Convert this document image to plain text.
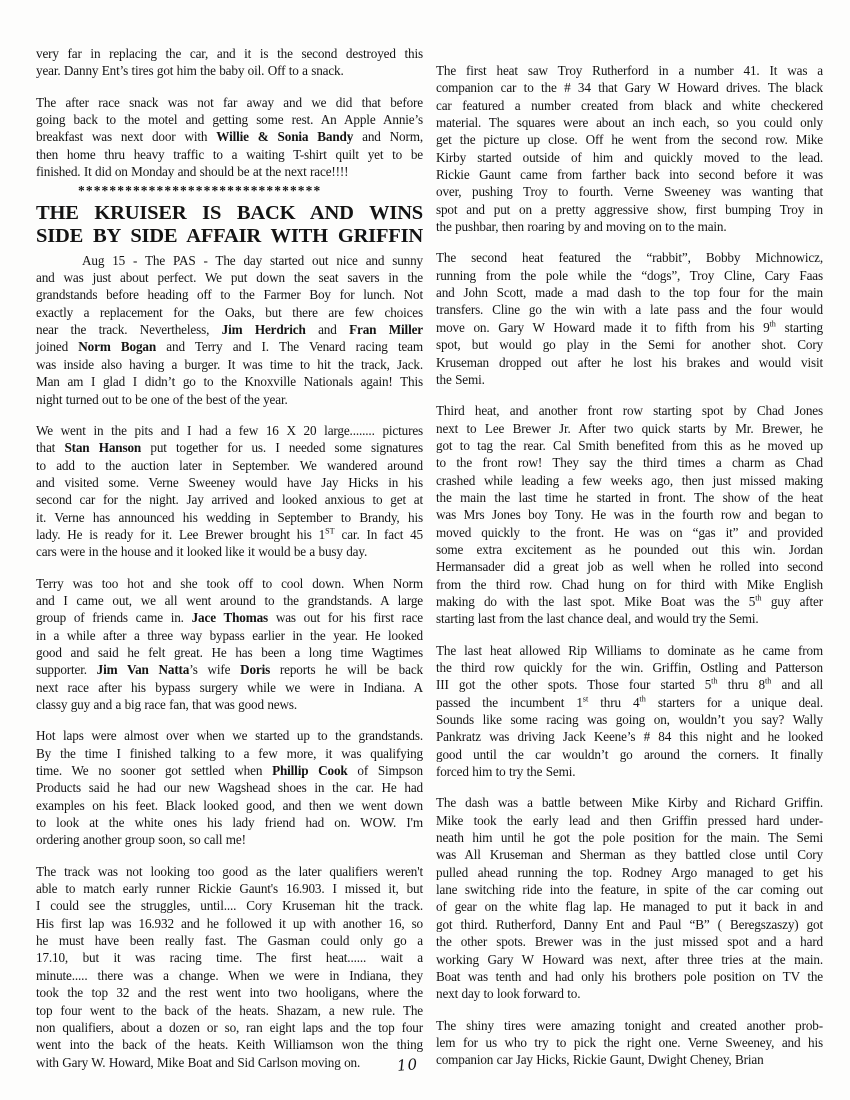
very far in replacing the car, and it is the second destroyed this
year. Danny Ent’s tires got him the baby oil. Off to a snack.
The after race snack was not far away and we did that before
going back to the motel and getting some rest. An Apple Annie’s
breakfast was next door with Willie & Sonia Bandy and Norm,
then home thru heavy traffic to a waiting T-shirt quilt yet to be
finished. It did on Monday and should be at the next race!!!!
*******************************
THE KRUISER IS BACK AND WINS
SIDE BY SIDE AFFAIR WITH GRIFFIN
Aug 15 - The PAS - The day started out nice and sunny
and was just about perfect. We put down the seat savers in the
grandstands before heading off to the Farmer Boy for lunch. Not
exactly a replacement for the Oaks, but there are few choices
near the track. Nevertheless, Jim Herdrich and Fran Miller
joined Norm Bogan and Terry and I. The Venard racing team
was inside also having a burger. It was time to hit the track, Jack.
Man am I glad I didn’t go to the Knoxville Nationals again! This
night turned out to be one of the best of the year.
We went in the pits and I had a few 16 X 20 large........ pictures
that Stan Hanson put together for us. I needed some signatures
to add to the auction later in September. We wandered around
and visited some. Verne Sweeney would have Jay Hicks in his
second car for the night. Jay arrived and looked anxious to get at
it. Verne has announced his wedding in September to Brandy, his
lady. He is ready for it. Lee Brewer brought his 1ST car. In fact 45
cars were in the house and it looked like it would be a busy day.
Terry was too hot and she took off to cool down. When Norm
and I came out, we all went around to the grandstands. A large
group of friends came in. Jace Thomas was out for his first race
in a while after a three way bypass earlier in the year. He looked
good and said he felt great. He has been a long time Wagtimes
supporter. Jim Van Natta’s wife Doris reports he will be back
next race after his bypass surgery while we were in Indiana. A
classy guy and a big race fan, that was good news.
Hot laps were almost over when we started up to the grandstands.
By the time I finished talking to a few more, it was qualifying
time. We no sooner got settled when Phillip Cook of Simpson
Products said he had our new Wagshead shoes in the car. He had
examples on his feet. Black looked good, and then we went down
to look at the white ones his lady friend had on. WOW. I'm
ordering another group soon, so call me!
The track was not looking too good as the later qualifiers weren't
able to match early runner Rickie Gaunt's 16.903. I missed it, but
I could see the struggles, until.... Cory Kruseman hit the track.
His first lap was 16.932 and he followed it up with another 16, so
he must have been really fast. The Gasman could only go a
17.10, but it was racing time. The first heat...... wait a
minute..... there was a change. When we were in Indiana, they
took the top 32 and the rest went into two hooligans, where the
top four went to the back of the heats. Shazam, a new rule. The
non qualifiers, about a dozen or so, ran eight laps and the top four
went into the back of the heats. Keith Williamson won the thing
with Gary W. Howard, Mike Boat and Sid Carlson moving on.
The first heat saw Troy Rutherford in a number 41. It was a
companion car to the # 34 that Gary W Howard drives. The black
car featured a number created from black and white checkered
material. The squares were about an inch each, so you could only
get the picture up close. Off he went from the second row. Mike
Kirby started outside of him and quickly moved to the lead.
Rickie Gaunt came from farther back into second before it was
over, pushing Troy to fourth. Verne Sweeney was wanting that
spot and put on a pretty aggressive show, first bumping Troy in
the pushbar, then roaring by and moving on to the main.
The second heat featured the “rabbit”, Bobby Michnowicz,
running from the pole while the “dogs”, Troy Cline, Cary Faas
and John Scott, made a mad dash to the top four for the main
transfers. Cline go the win with a late pass and the four would
move on. Gary W Howard made it to fifth from his 9th starting
spot, but would go play in the Semi for another shot. Cory
Kruseman dropped out after he lost his brakes and would visit
the Semi.
Third heat, and another front row starting spot by Chad Jones
next to Lee Brewer Jr. After two quick starts by Mr. Brewer, he
got to tag the rear. Cal Smith benefited from this as he moved up
to the front row! They say the third times a charm as Chad
crashed while leading a few weeks ago, then just missed making
the main the last time he started in front. The show of the heat
was Mrs Jones boy Tony. He was in the fourth row and began to
moved quickly to the front. He was on “gas it” and provided
some extra excitement as he pounded out this win. Jordan
Hermansader did a great job as well when he rolled into second
from the third row. Chad hung on for third with Mike English
making do with the last spot. Mike Boat was the 5th guy after
starting last from the last chance deal, and would try the Semi.
The last heat allowed Rip Williams to dominate as he came from
the third row quickly for the win. Griffin, Ostling and Patterson
III got the other spots. Those four started 5th thru 8th and all
passed the incumbent 1st thru 4th starters for a unique deal.
Sounds like some racing was going on, wouldn’t you say? Wally
Pankratz was driving Jack Keene’s # 84 this night and he looked
good until the car wouldn’t go around the corners. It finally
forced him to try the Semi.
The dash was a battle between Mike Kirby and Richard Griffin.
Mike took the early lead and then Griffin pressed hard under-
neath him until he got the pole position for the main. The Semi
was All Kruseman and Sherman as they battled close until Cory
pulled ahead running the top. Rodney Argo managed to get his
lane switching ride into the feature, in spite of the car coming out
of gear on the white flag lap. He managed to put it back in and
got third. Rutherford, Danny Ent and Paul “B” ( Beregszaszy) got
the other spots. Brewer was in the just missed spot and a hard
working Gary W Howard was next, after three tries at the main.
Boat was tenth and had only his brothers pole position on TV the
next day to look forward to.
The shiny tires were amazing tonight and created another prob-
lem for us who try to pick the right one. Verne Sweeney, and his
companion car Jay Hicks, Rickie Gaunt, Dwight Cheney, Brian
10
